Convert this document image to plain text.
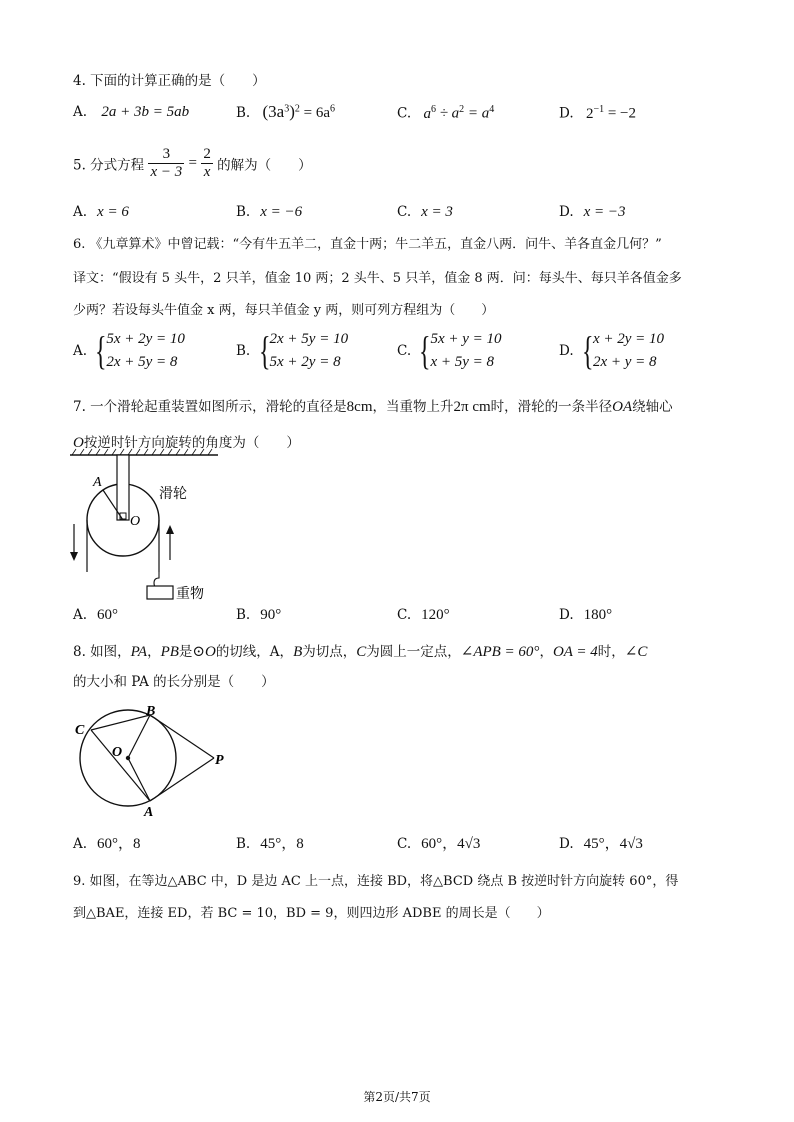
4. 下面的计算正确的是（　　）
A. 2a + 3b = 5ab	B. $(3a^3)^2 = 6a^6$	C. $a^6 \div a^2 = a^4$	D. $2^{-1} = -2$
5. 分式方程 $\frac{3}{x - 3} = \frac{2}{x}$ 的解为（　　）
A. x = 6	B. x = −6	C. x = 3	D. x = −3
6. 《九章算术》中曾记载：“今有牛五羊二，直金十两；牛二羊五，直金八两．问牛、羊各直金几何？”
译文：“假设有 5 头牛，2 只羊，值金 10 两；2 头牛、5 只羊，值金 8 两．问：每头牛、每只羊各值金多
少两？若设每头牛值金 x 两，每只羊值金 y 两，则可列方程组为（　　）
A. { 5x + 2y = 10
2x + 5y = 8
B. { 2x + 5y = 10
5x + 2y = 8
C. { 5x + y = 10
x + 5y = 8
D. { x + 2y = 10
2x + y = 8
7. 一个滑轮起重装置如图所示，滑轮的直径是8cm，当重物上升2π cm时，滑轮的一条半径OA绕轴心
O按逆时针方向旋转的角度为（　　）
A
O
滑轮
重物
A. 60°	B. 90°	C. 120°	D. 180°
8. 如图，PA，PB是⊙O的切线，A，B为切点，C为圆上一定点，∠APB = 60°，OA = 4时，∠C
的大小和 PA 的长分别是（　　）
B
C
O
P
A
A. 60°，8	B. 45°，8	C. 60°，4√3	D. 45°，4√3
9. 如图，在等边△ABC 中，D 是边 AC 上一点，连接 BD，将△BCD 绕点 B 按逆时针方向旋转 60°，得
到△BAE，连接 ED，若 BC = 10，BD = 9，则四边形 ADBE 的周长是（　　）
第2页/共7页
